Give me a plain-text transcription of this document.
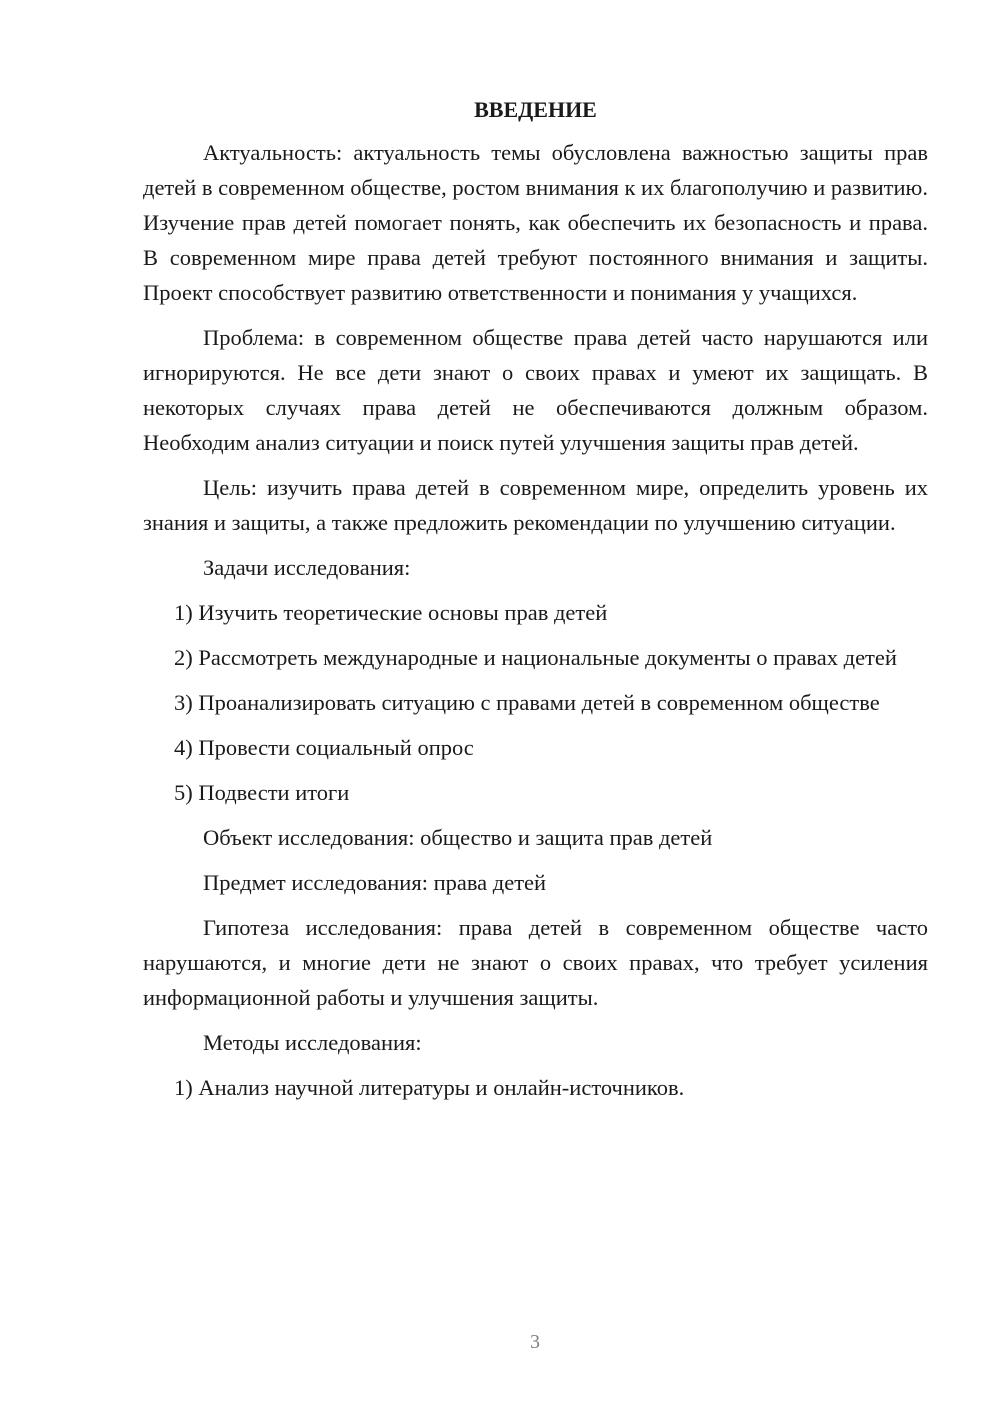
ВВЕДЕНИЕ

Актуальность: актуальность темы обусловлена важностью защиты прав детей в современном обществе, ростом внимания к их благополучию и развитию. Изучение прав детей помогает понять, как обеспечить их безопасность и права. В современном мире права детей требуют постоянного внимания и защиты. Проект способствует развитию ответственности и понимания у учащихся.

Проблема: в современном обществе права детей часто нарушаются или игнорируются. Не все дети знают о своих правах и умеют их защищать. В некоторых случаях права детей не обеспечиваются должным образом. Необходим анализ ситуации и поиск путей улучшения защиты прав детей.

Цель: изучить права детей в современном мире, определить уровень их знания и защиты, а также предложить рекомендации по улучшению ситуации.

Задачи исследования:

1) Изучить теоретические основы прав детей

2) Рассмотреть международные и национальные документы о правах детей

3) Проанализировать ситуацию с правами детей в современном обществе

4) Провести социальный опрос

5) Подвести итоги

Объект исследования: общество и защита прав детей

Предмет исследования: права детей

Гипотеза исследования: права детей в современном обществе часто нарушаются, и многие дети не знают о своих правах, что требует усиления информационной работы и улучшения защиты.

Методы исследования:

1) Анализ научной литературы и онлайн-источников.

3
